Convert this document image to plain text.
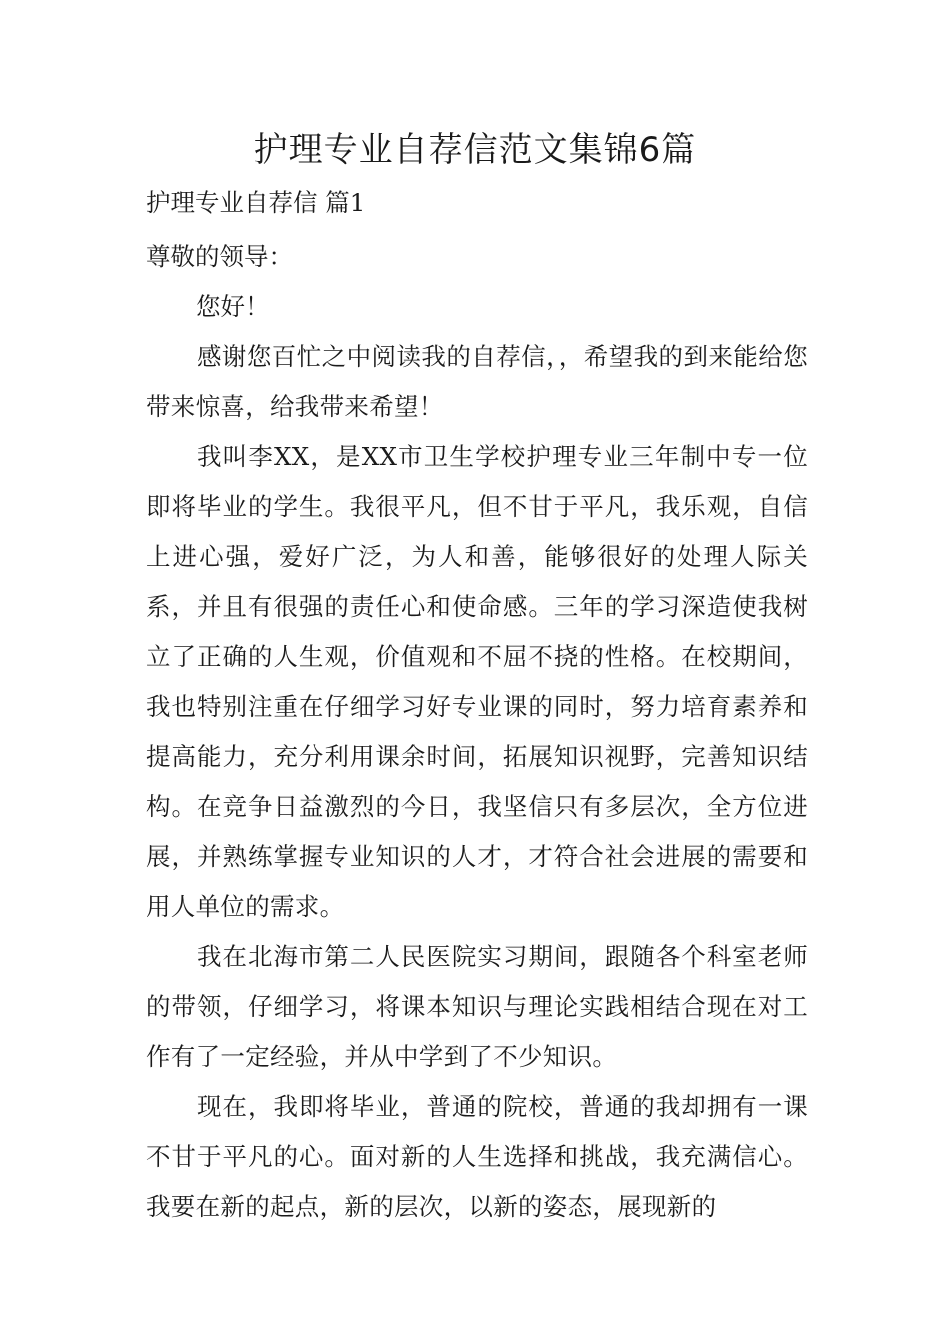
护理专业自荐信范文集锦6篇

护理专业自荐信 篇1

尊敬的领导：

您好！

感谢您百忙之中阅读我的自荐信，，希望我的到来能给您带来惊喜，给我带来希望！

我叫李XX，是XX市卫生学校护理专业三年制中专一位即将毕业的学生。我很平凡，但不甘于平凡，我乐观，自信上进心强，爱好广泛，为人和善，能够很好的处理人际关系，并且有很强的责任心和使命感。三年的学习深造使我树立了正确的人生观，价值观和不屈不挠的性格。在校期间，我也特别注重在仔细学习好专业课的同时，努力培育素养和提高能力，充分利用课余时间，拓展知识视野，完善知识结构。在竞争日益激烈的今日，我坚信只有多层次，全方位进展，并熟练掌握专业知识的人才，才符合社会进展的需要和用人单位的需求。

我在北海市第二人民医院实习期间，跟随各个科室老师的带领，仔细学习，将课本知识与理论实践相结合现在对工作有了一定经验，并从中学到了不少知识。

现在，我即将毕业，普通的院校，普通的我却拥有一课不甘于平凡的心。面对新的人生选择和挑战，我充满信心。我要在新的起点，新的层次，以新的姿态，展现新的
